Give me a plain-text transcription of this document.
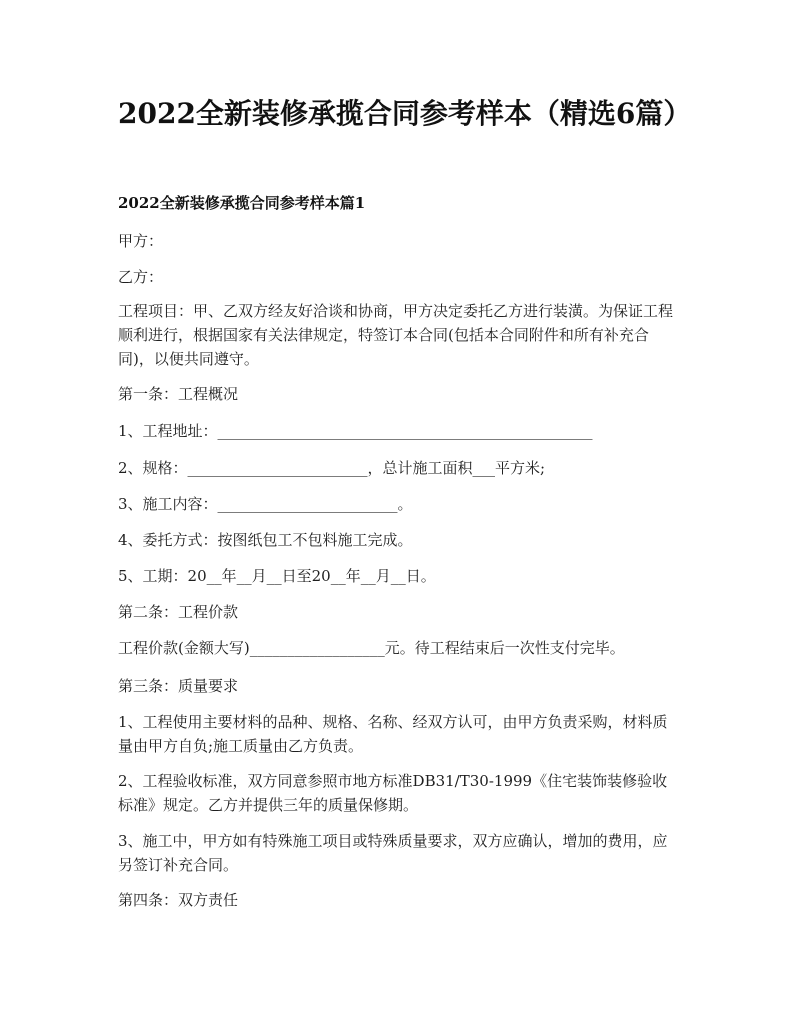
2022全新装修承揽合同参考样本（精选6篇）

2022全新装修承揽合同参考样本篇1

甲方：

乙方：

工程项目：甲、乙双方经友好洽谈和协商，甲方决定委托乙方进行装潢。为保证工程顺利进行，根据国家有关法律规定，特签订本合同(包括本合同附件和所有补充合同)，以便共同遵守。

第一条：工程概况

1、工程地址：__________________________________________________

2、规格：________________________，总计施工面积___平方米;

3、施工内容：________________________。

4、委托方式：按图纸包工不包料施工完成。

5、工期：20__年__月__日至20__年__月__日。

第二条：工程价款

工程价款(金额大写)__________________元。待工程结束后一次性支付完毕。

第三条：质量要求

1、工程使用主要材料的品种、规格、名称、经双方认可，由甲方负责采购，材料质量由甲方自负;施工质量由乙方负责。

2、工程验收标准，双方同意参照市地方标准DB31/T30-1999《住宅装饰装修验收标准》规定。乙方并提供三年的质量保修期。

3、施工中，甲方如有特殊施工项目或特殊质量要求，双方应确认，增加的费用，应另签订补充合同。

第四条：双方责任
